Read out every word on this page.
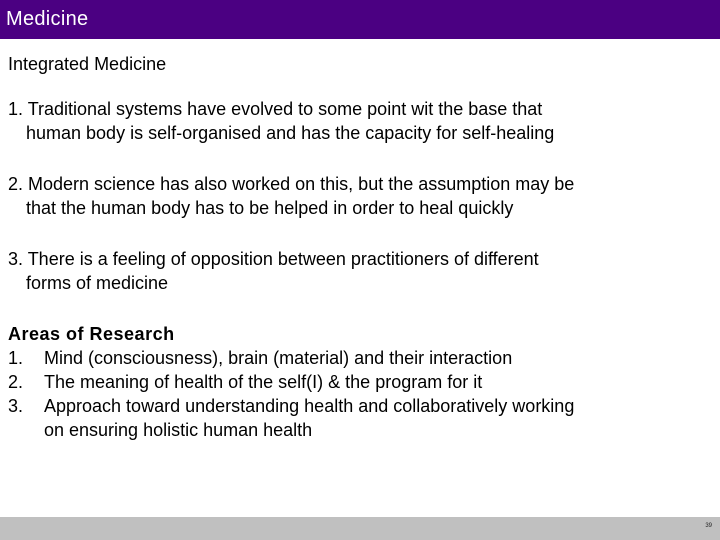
Medicine
Integrated Medicine
1. Traditional systems have evolved to some point wit the base that
human body is self-organised and has the capacity for self-healing
2. Modern science has also worked on this, but the assumption may be
that the human body has to be helped in order to heal quickly
3. There is a feeling of opposition between practitioners of different
forms of medicine
Areas of Research
1.	Mind (consciousness), brain (material) and their interaction
2.	The meaning of health of the self(I) & the program for it
3.	Approach toward understanding health and collaboratively working
on ensuring holistic human health
39
